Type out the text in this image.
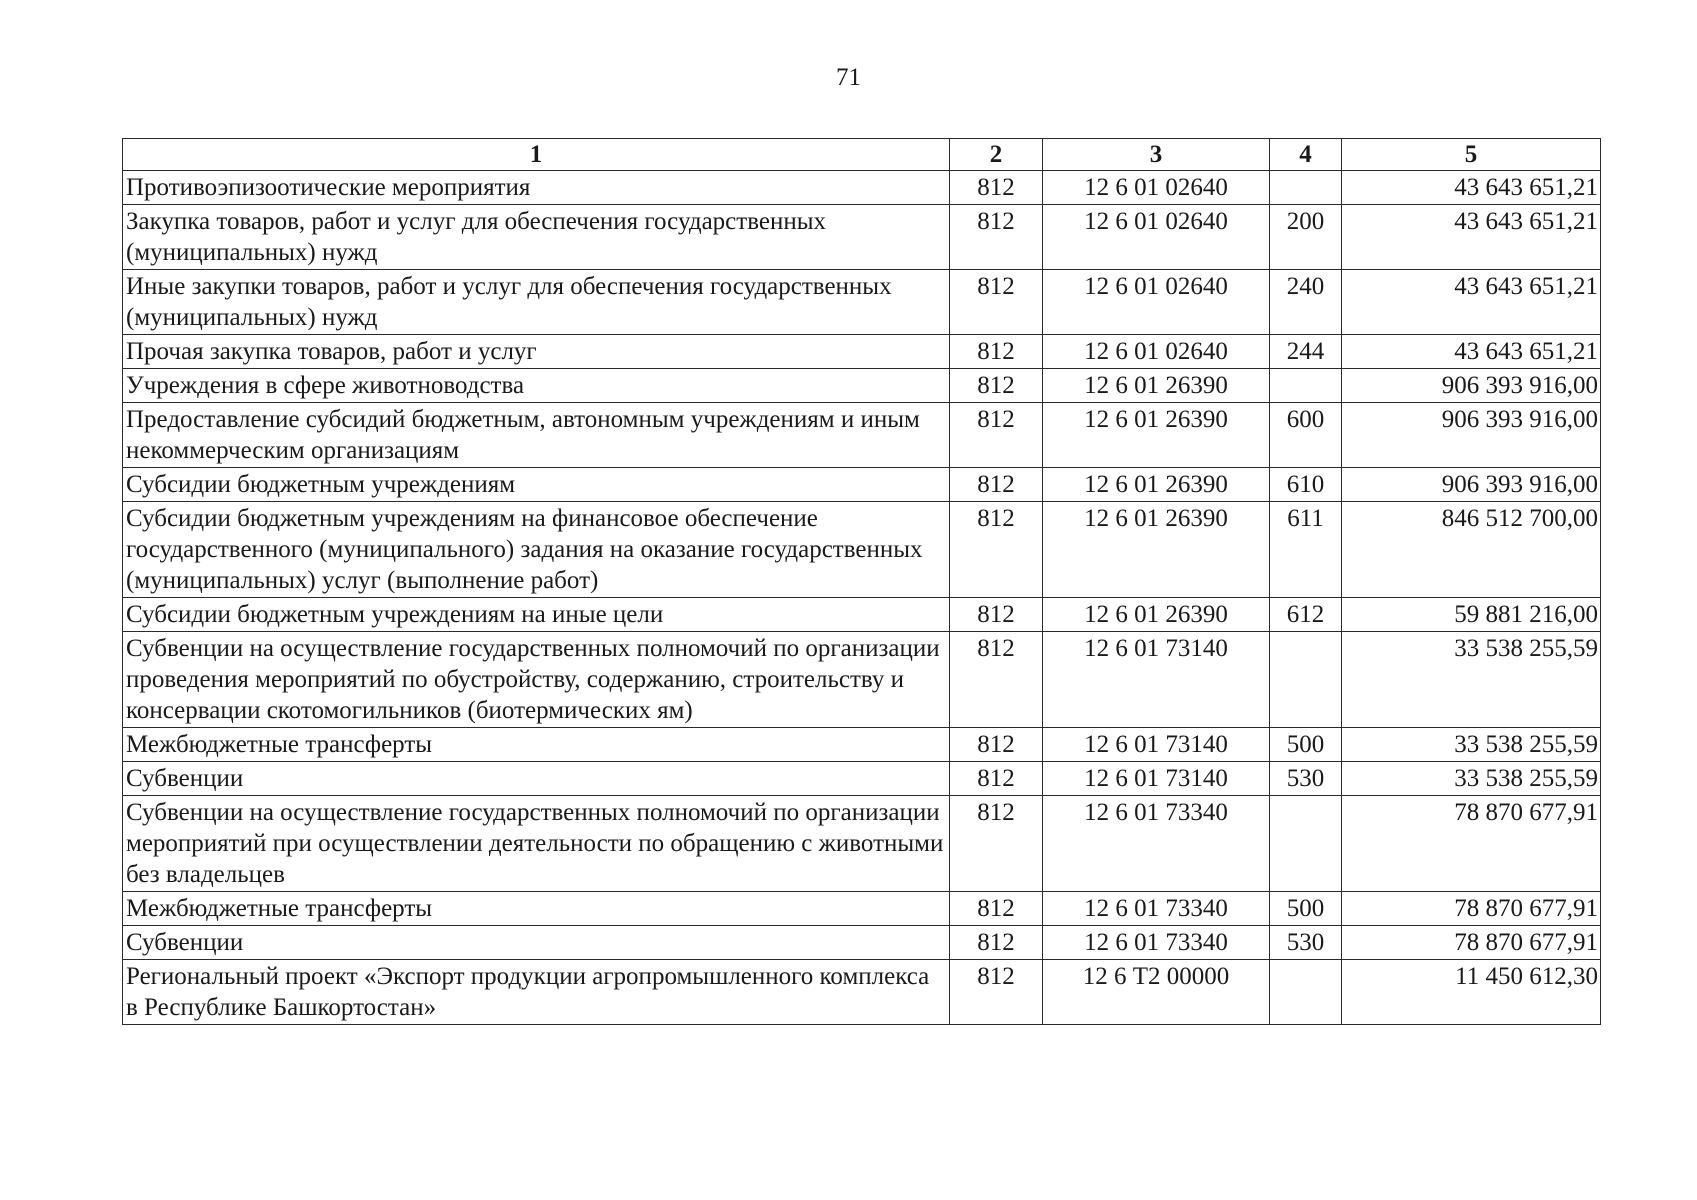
71
1	2	3	4	5
Противоэпизоотические мероприятия	812	12 6 01 02640		43 643 651,21
Закупка товаров, работ и услуг для обеспечения государственных (муниципальных) нужд	812	12 6 01 02640	200	43 643 651,21
Иные закупки товаров, работ и услуг для обеспечения государственных (муниципальных) нужд	812	12 6 01 02640	240	43 643 651,21
Прочая закупка товаров, работ и услуг	812	12 6 01 02640	244	43 643 651,21
Учреждения в сфере животноводства	812	12 6 01 26390		906 393 916,00
Предоставление субсидий бюджетным, автономным учреждениям и иным некоммерческим организациям	812	12 6 01 26390	600	906 393 916,00
Субсидии бюджетным учреждениям	812	12 6 01 26390	610	906 393 916,00
Субсидии бюджетным учреждениям на финансовое обеспечение государственного (муниципального) задания на оказание государственных (муниципальных) услуг (выполнение работ)	812	12 6 01 26390	611	846 512 700,00
Субсидии бюджетным учреждениям на иные цели	812	12 6 01 26390	612	59 881 216,00
Субвенции на осуществление государственных полномочий по организации проведения мероприятий по обустройству, содержанию, строительству и консервации скотомогильников (биотермических ям)	812	12 6 01 73140		33 538 255,59
Межбюджетные трансферты	812	12 6 01 73140	500	33 538 255,59
Субвенции	812	12 6 01 73140	530	33 538 255,59
Субвенции на осуществление государственных полномочий по организации мероприятий при осуществлении деятельности по обращению с животными без владельцев	812	12 6 01 73340		78 870 677,91
Межбюджетные трансферты	812	12 6 01 73340	500	78 870 677,91
Субвенции	812	12 6 01 73340	530	78 870 677,91
Региональный проект «Экспорт продукции агропромышленного комплекса в Республике Башкортостан»	812	12 6 Т2 00000		11 450 612,30
